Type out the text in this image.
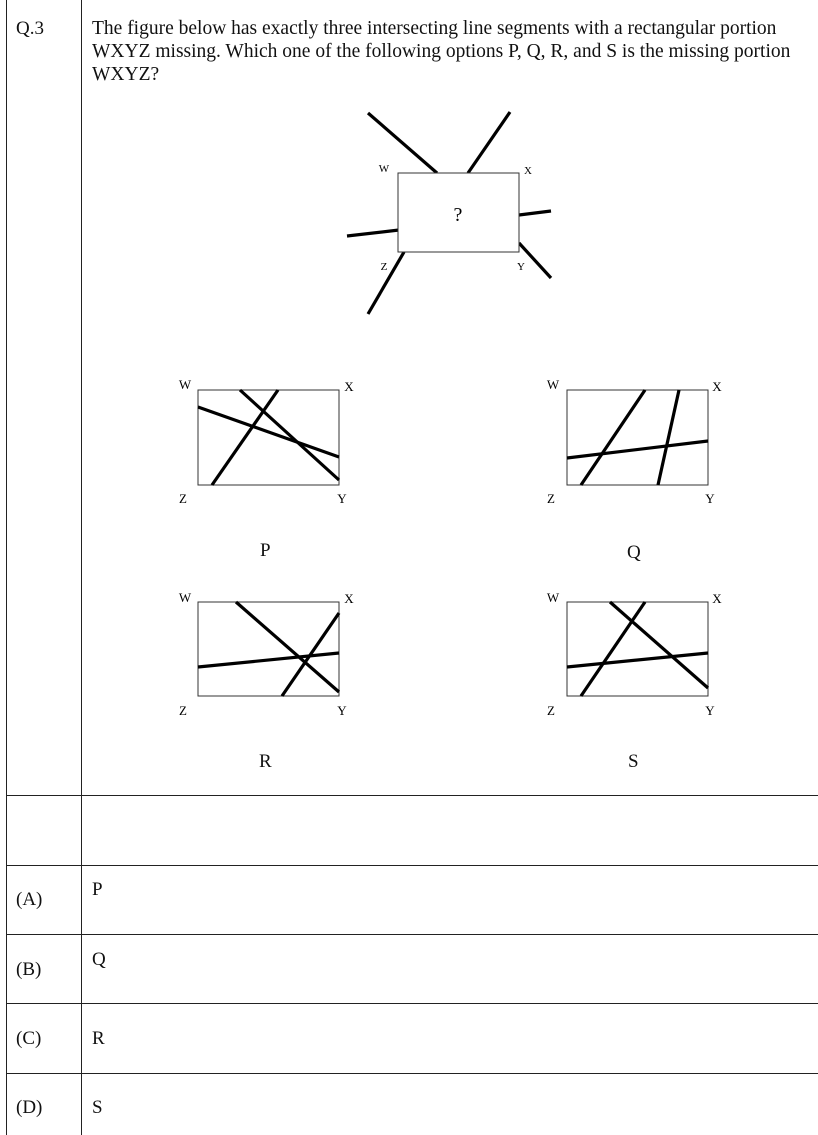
Q.3 The figure below has exactly three intersecting line segments with a rectangular portion WXYZ missing. Which one of the following options P, Q, R, and S is the missing portion WXYZ?
?
W	X
Y
Z
W	X
Y
Z
W	X
Y
Z
W	X
Y
Z
W	X
Y
Z
P	Q
R	S
(A)	P
(B)	Q
(C)	R
(D)	S
